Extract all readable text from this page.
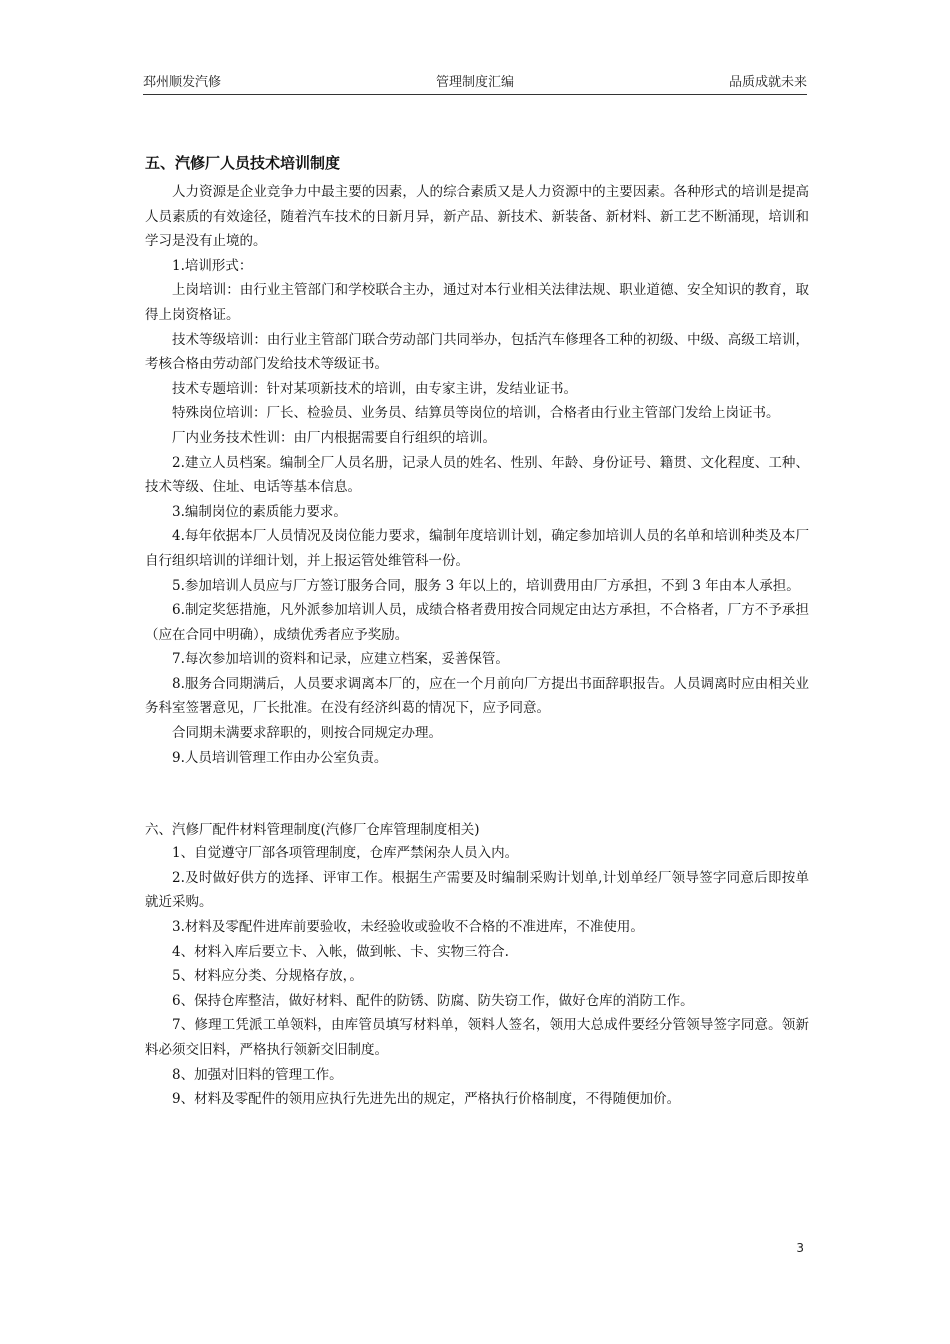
邳州顺发汽修	管理制度汇编	品质成就未来
五、汽修厂人员技术培训制度

人力资源是企业竞争力中最主要的因素，人的综合素质又是人力资源中的主要因素。各种形式的培训是提高人员素质的有效途径，随着汽车技术的日新月异，新产品、新技术、新装备、新材料、新工艺不断涌现，培训和学习是没有止境的。

1.培训形式：

上岗培训：由行业主管部门和学校联合主办，通过对本行业相关法律法规、职业道德、安全知识的教育，取得上岗资格证。

技术等级培训：由行业主管部门联合劳动部门共同举办，包括汽车修理各工种的初级、中级、高级工培训，考核合格由劳动部门发给技术等级证书。

技术专题培训：针对某项新技术的培训，由专家主讲，发结业证书。

特殊岗位培训：厂长、检验员、业务员、结算员等岗位的培训，合格者由行业主管部门发给上岗证书。

厂内业务技术性训：由厂内根据需要自行组织的培训。

2.建立人员档案。编制全厂人员名册，记录人员的姓名、性别、年龄、身份证号、籍贯、文化程度、工种、技术等级、住址、电话等基本信息。

3.编制岗位的素质能力要求。

4.每年依据本厂人员情况及岗位能力要求，编制年度培训计划，确定参加培训人员的名单和培训种类及本厂自行组织培训的详细计划，并上报运管处维管科一份。

5.参加培训人员应与厂方签订服务合同，服务 3 年以上的，培训费用由厂方承担，不到 3 年由本人承担。

6.制定奖惩措施，凡外派参加培训人员，成绩合格者费用按合同规定由达方承担，不合格者，厂方不予承担（应在合同中明确），成绩优秀者应予奖励。

7.每次参加培训的资料和记录，应建立档案，妥善保管。

8.服务合同期满后，人员要求调离本厂的，应在一个月前向厂方提出书面辞职报告。人员调离时应由相关业务科室签署意见，厂长批准。在没有经济纠葛的情况下，应予同意。

合同期未满要求辞职的，则按合同规定办理。

9.人员培训管理工作由办公室负责。

六、汽修厂配件材料管理制度(汽修厂仓库管理制度相关)

1、自觉遵守厂部各项管理制度，仓库严禁闲杂人员入内。

2.及时做好供方的选择、评审工作。根据生产需要及时编制采购计划单,计划单经厂领导签字同意后即按单就近采购。

3.材料及零配件进库前要验收，未经验收或验收不合格的不准进库，不准使用。

4、材料入库后要立卡、入帐，做到帐、卡、实物三符合.

5、材料应分类、分规格存放，。

6、保持仓库整洁，做好材料、配件的防锈、防腐、防失窃工作，做好仓库的消防工作。

7、修理工凭派工单领料，由库管员填写材料单，领料人签名，领用大总成件要经分管领导签字同意。领新料必须交旧料，严格执行领新交旧制度。

8、加强对旧料的管理工作。

9、材料及零配件的领用应执行先进先出的规定，严格执行价格制度，不得随便加价。

3
